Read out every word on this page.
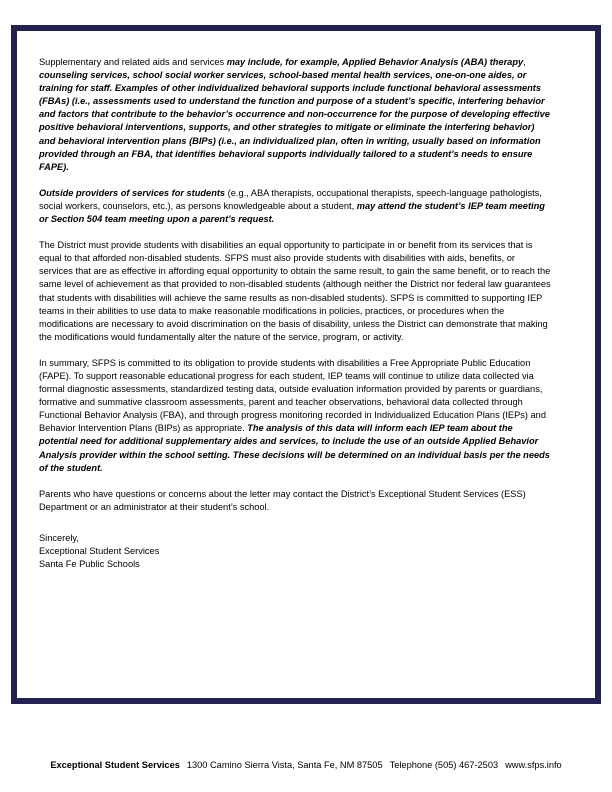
Supplementary and related aids and services may include, for example, Applied Behavior Analysis (ABA) therapy, counseling services, school social worker services, school-based mental health services, one-on-one aides, or training for staff. Examples of other individualized behavioral supports include functional behavioral assessments (FBAs) (i.e., assessments used to understand the function and purpose of a student’s specific, interfering behavior and factors that contribute to the behavior’s occurrence and non-occurrence for the purpose of developing effective positive behavioral interventions, supports, and other strategies to mitigate or eliminate the interfering behavior) and behavioral intervention plans (BIPs) (i.e., an individualized plan, often in writing, usually based on information provided through an FBA, that identifies behavioral supports individually tailored to a student’s needs to ensure FAPE).

Outside providers of services for students (e.g., ABA therapists, occupational therapists, speech-language pathologists, social workers, counselors, etc.), as persons knowledgeable about a student, may attend the student’s IEP team meeting or Section 504 team meeting upon a parent’s request.

The District must provide students with disabilities an equal opportunity to participate in or benefit from its services that is equal to that afforded non-disabled students. SFPS must also provide students with disabilities with aids, benefits, or services that are as effective in affording equal opportunity to obtain the same result, to gain the same benefit, or to reach the same level of achievement as that provided to non-disabled students (although neither the District nor federal law guarantees that students with disabilities will achieve the same results as non-disabled students). SFPS is committed to supporting IEP teams in their abilities to use data to make reasonable modifications in policies, practices, or procedures when the modifications are necessary to avoid discrimination on the basis of disability, unless the District can demonstrate that making the modifications would fundamentally alter the nature of the service, program, or activity.

In summary, SFPS is committed to its obligation to provide students with disabilities a Free Appropriate Public Education (FAPE). To support reasonable educational progress for each student, IEP teams will continue to utilize data collected via formal diagnostic assessments, standardized testing data, outside evaluation information provided by parents or guardians, formative and summative classroom assessments, parent and teacher observations, behavioral data collected through Functional Behavior Analysis (FBA), and through progress monitoring recorded in Individualized Education Plans (IEPs) and Behavior Intervention Plans (BIPs) as appropriate. The analysis of this data will inform each IEP team about the potential need for additional supplementary aides and services, to include the use of an outside Applied Behavior Analysis provider within the school setting. These decisions will be determined on an individual basis per the needs of the student.

Parents who have questions or concerns about the letter may contact the District’s Exceptional Student Services (ESS) Department or an administrator at their student’s school.

Sincerely,
Exceptional Student Services
Santa Fe Public Schools

Exceptional Student Services 1300 Camino Sierra Vista, Santa Fe, NM 87505 Telephone (505) 467-2503 www.sfps.info
